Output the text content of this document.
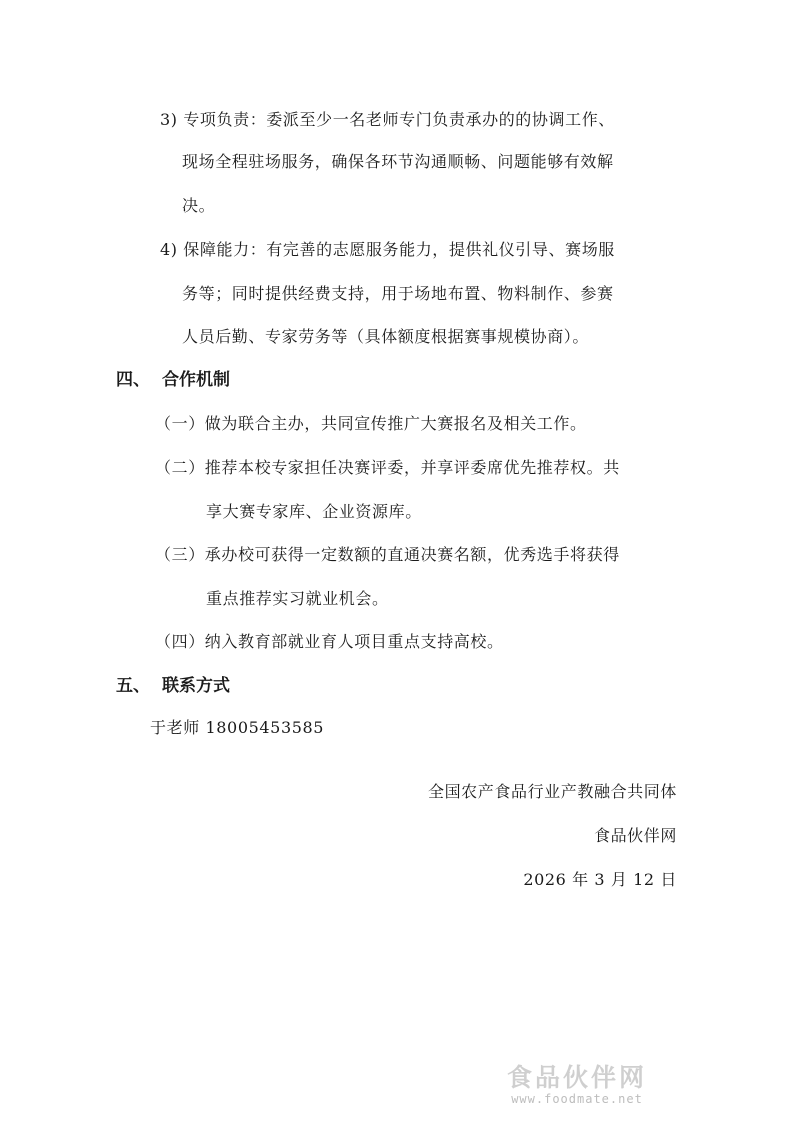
3) 专项负责：委派至少一名老师专门负责承办的的协调工作、
现场全程驻场服务，确保各环节沟通顺畅、问题能够有效解
决。
4) 保障能力：有完善的志愿服务能力，提供礼仪引导、赛场服
务等；同时提供经费支持，用于场地布置、物料制作、参赛
人员后勤、专家劳务等（具体额度根据赛事规模协商）。
四、 合作机制
（一）做为联合主办，共同宣传推广大赛报名及相关工作。
（二）推荐本校专家担任决赛评委，并享评委席优先推荐权。共
享大赛专家库、企业资源库。
（三）承办校可获得一定数额的直通决赛名额，优秀选手将获得
重点推荐实习就业机会。
（四）纳入教育部就业育人项目重点支持高校。
五、 联系方式
于老师 18005453585
全国农产食品行业产教融合共同体
食品伙伴网
2026 年 3 月 12 日
食品伙伴网
www.foodmate.net
